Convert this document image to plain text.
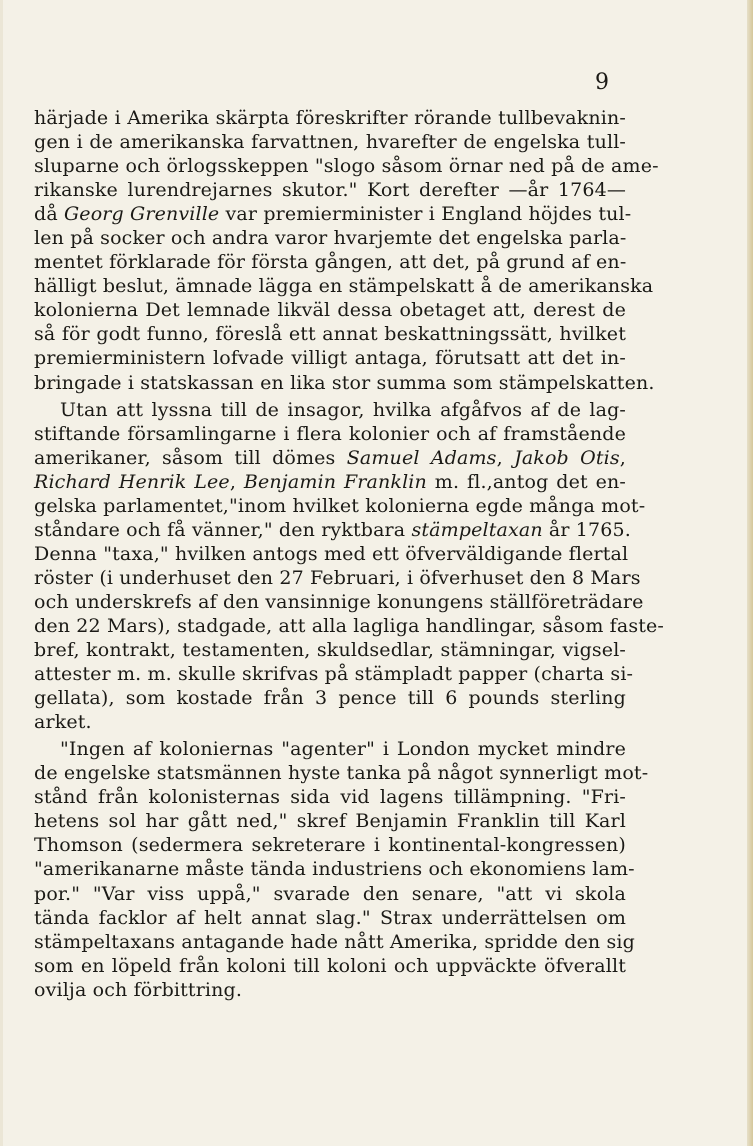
9
härjade i Amerika skärpta föreskrifter rörande tullbevaknin-
gen i de amerikanska farvattnen, hvarefter de engelska tull-
sluparne och örlogsskeppen "slogo såsom örnar ned på de ame-
rikanske lurendrejarnes skutor." Kort derefter —år 1764—
då Georg Grenville var premierminister i England höjdes tul-
len på socker och andra varor hvarjemte det engelska parla-
mentet förklarade för första gången, att det, på grund af en-
hälligt beslut, ämnade lägga en stämpelskatt å de amerikanska
kolonierna Det lemnade likväl dessa obetaget att, derest de
så för godt funno, föreslå ett annat beskattningssätt, hvilket
premierministern lofvade villigt antaga, förutsatt att det in-
bringade i statskassan en lika stor summa som stämpelskatten.
Utan att lyssna till de insagor, hvilka afgåfvos af de lag-
stiftande församlingarne i flera kolonier och af framstående
amerikaner, såsom till dömes Samuel Adams, Jakob Otis,
Richard Henrik Lee, Benjamin Franklin m. fl.,antog det en-
gelska parlamentet,"inom hvilket kolonierna egde många mot-
ståndare och få vänner," den ryktbara stämpeltaxan år 1765.
Denna "taxa," hvilken antogs med ett öfverväldigande flertal
röster (i underhuset den 27 Februari, i öfverhuset den 8 Mars
och underskrefs af den vansinnige konungens ställföreträdare
den 22 Mars), stadgade, att alla lagliga handlingar, såsom faste-
bref, kontrakt, testamenten, skuldsedlar, stämningar, vigsel-
attester m. m. skulle skrifvas på stämpladt papper (charta si-
gellata), som kostade från 3 pence till 6 pounds sterling
arket.
"Ingen af koloniernas "agenter" i London mycket mindre
de engelske statsmännen hyste tanka på något synnerligt mot-
stånd från kolonisternas sida vid lagens tillämpning. "Fri-
hetens sol har gått ned," skref Benjamin Franklin till Karl
Thomson (sedermera sekreterare i kontinental-kongressen)
"amerikanarne måste tända industriens och ekonomiens lam-
por." "Var viss uppå," svarade den senare, "att vi skola
tända facklor af helt annat slag." Strax underrättelsen om
stämpeltaxans antagande hade nått Amerika, spridde den sig
som en löpeld från koloni till koloni och uppväckte öfverallt
ovilja och förbittring.
